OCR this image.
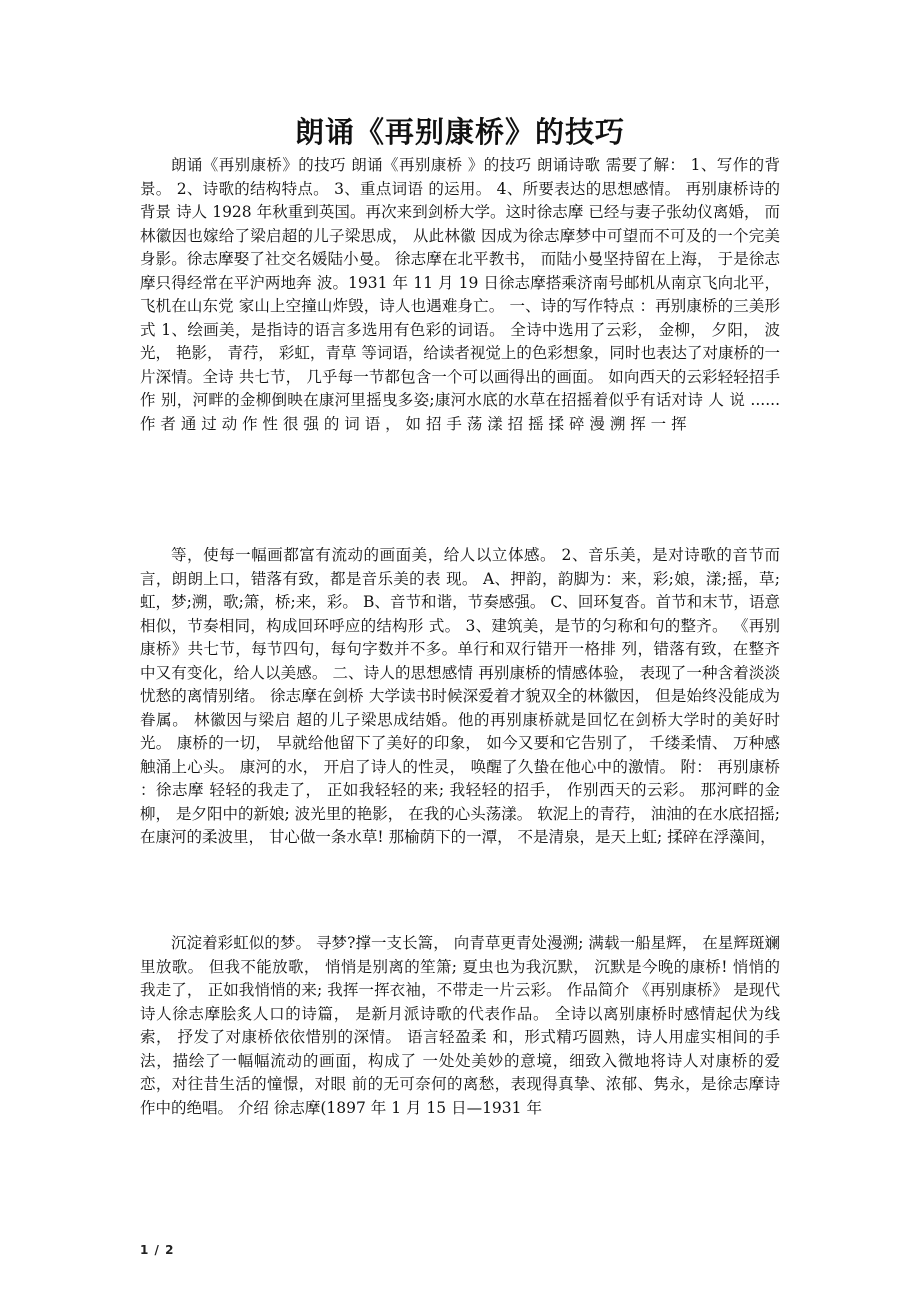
朗诵《再别康桥》的技巧

朗诵《再别康桥》的技巧 朗诵《再别康桥 》的技巧 朗诵诗歌 需要了解： 1、写作的背景。 2、诗歌的结构特点。 3、重点词语 的运用。 4、所要表达的思想感情。 再别康桥诗的背景 诗人 1928 年秋重到英国。再次来到剑桥大学。这时徐志摩 已经与妻子张幼仪离婚， 而林徽因也嫁给了梁启超的儿子梁思成， 从此林徽 因成为徐志摩梦中可望而不可及的一个完美身影。徐志摩娶了社交名媛陆小曼。 徐志摩在北平教书， 而陆小曼坚持留在上海， 于是徐志摩只得经常在平沪两地奔 波。1931 年 11 月 19 日徐志摩搭乘济南号邮机从南京飞向北平，飞机在山东党 家山上空撞山炸毁，诗人也遇难身亡。 一、诗的写作特点 ：再别康桥的三美形式 1、绘画美，是指诗的语言多选用有色彩的词语。 全诗中选用了云彩， 金柳， 夕阳， 波光， 艳影， 青荇， 彩虹，青草 等词语，给读者视觉上的色彩想象，同时也表达了对康桥的一片深情。全诗 共七节， 几乎每一节都包含一个可以画得出的画面。 如向西天的云彩轻轻招手作 别，河畔的金柳倒映在康河里摇曳多姿;康河水底的水草在招摇着似乎有话对诗 人 说 ...... 作 者 通 过 动 作 性 很 强 的 词 语 ， 如 招 手 荡 漾 招 摇 揉 碎 漫 溯 挥 一 挥

等，使每一幅画都富有流动的画面美，给人以立体感。 2、音乐美，是对诗歌的音节而言，朗朗上口，错落有致，都是音乐美的表 现。 A、押韵，韵脚为：来，彩;娘，漾;摇，草;虹，梦;溯，歌;箫，桥;来，彩。 B、音节和谐，节奏感强。 C、回环复沓。首节和末节，语意相似，节奏相同，构成回环呼应的结构形 式。 3、建筑美，是节的匀称和句的整齐。 《再别康桥》共七节，每节四句，每句字数并不多。单行和双行错开一格排 列，错落有致，在整齐中又有变化，给人以美感。 二、诗人的思想感情 再别康桥的情感体验， 表现了一种含着淡淡忧愁的离情别绪。 徐志摩在剑桥 大学读书时候深爱着才貌双全的林徽因， 但是始终没能成为眷属。 林徽因与梁启 超的儿子梁思成结婚。他的再别康桥就是回忆在剑桥大学时的美好时光。 康桥的一切， 早就给他留下了美好的印象， 如今又要和它告别了， 千缕柔情、 万种感触涌上心头。 康河的水， 开启了诗人的性灵， 唤醒了久蛰在他心中的激情。 附： 再别康桥 ：徐志摩 轻轻的我走了， 正如我轻轻的来; 我轻轻的招手， 作别西天的云彩。 那河畔的金柳， 是夕阳中的新娘; 波光里的艳影， 在我的心头荡漾。 软泥上的青荇， 油油的在水底招摇; 在康河的柔波里， 甘心做一条水草! 那榆荫下的一潭， 不是清泉，是天上虹; 揉碎在浮藻间，

沉淀着彩虹似的梦。 寻梦?撑一支长篙， 向青草更青处漫溯; 满载一船星辉， 在星辉斑斓里放歌。 但我不能放歌， 悄悄是别离的笙箫; 夏虫也为我沉默， 沉默是今晚的康桥! 悄悄的我走了， 正如我悄悄的来; 我挥一挥衣袖，不带走一片云彩。 作品简介 《再别康桥》 是现代诗人徐志摩脍炙人口的诗篇， 是新月派诗歌的代表作品。 全诗以离别康桥时感情起伏为线索， 抒发了对康桥依依惜别的深情。 语言轻盈柔 和，形式精巧圆熟，诗人用虚实相间的手法，描绘了一幅幅流动的画面，构成了 一处处美妙的意境，细致入微地将诗人对康桥的爱恋，对往昔生活的憧憬，对眼 前的无可奈何的离愁，表现得真挚、浓郁、隽永，是徐志摩诗作中的绝唱。 介绍 徐志摩(1897 年 1 月 15 日—1931 年

1 / 2
